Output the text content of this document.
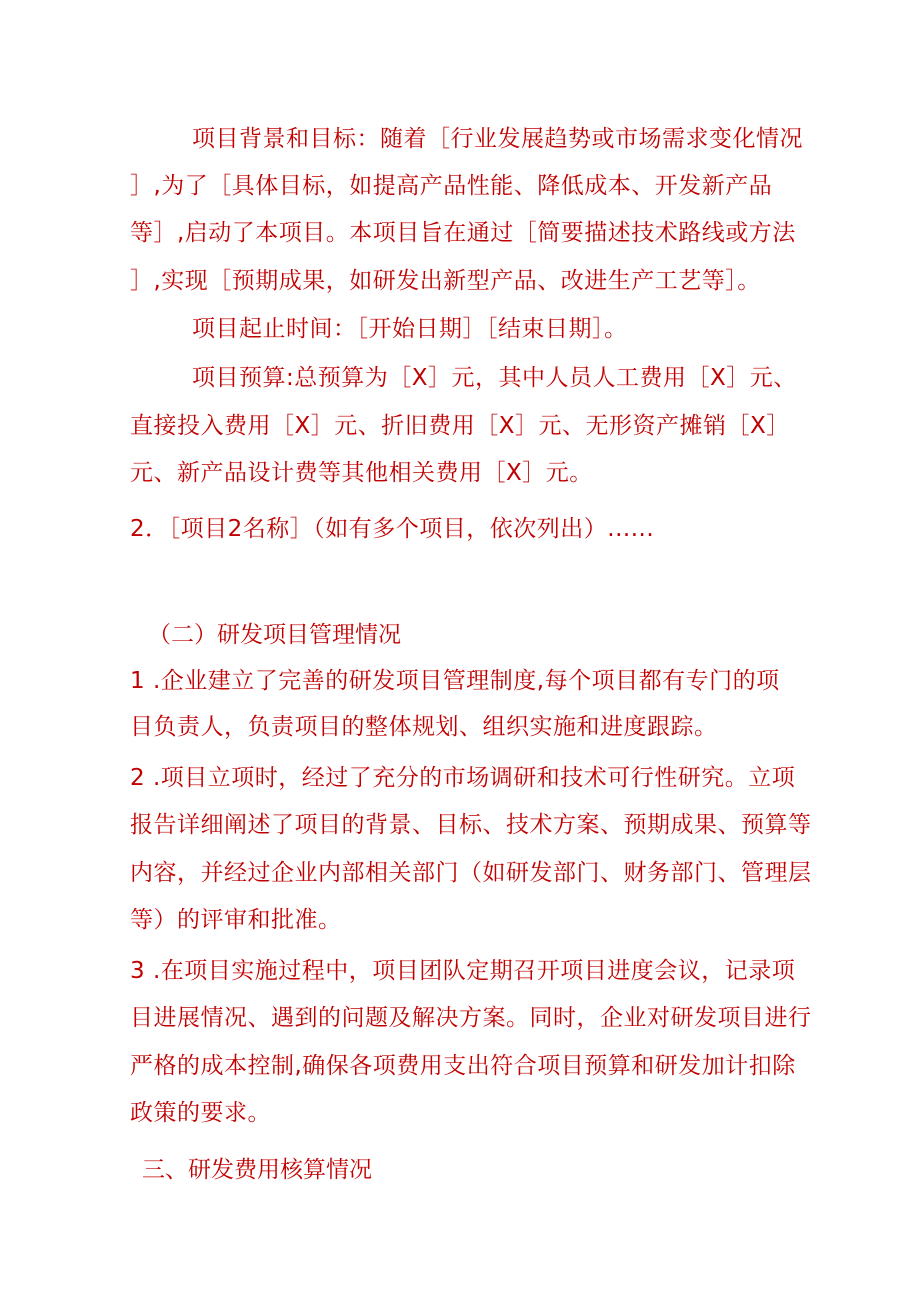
项目背景和目标：随着［行业发展趋势或市场需求变化情况
］,为了［具体目标，如提高产品性能、降低成本、开发新产品
等］,启动了本项目。本项目旨在通过［简要描述技术路线或方法
］,实现［预期成果，如研发出新型产品、改进生产工艺等］。
项目起止时间：［开始日期］［结束日期］。
项目预算:总预算为［X］元，其中人员人工费用［X］元、
直接投入费用［X］元、折旧费用［X］元、无形资产摊销［X］
元、新产品设计费等其他相关费用［X］元。
2．［项目2名称］（如有多个项目，依次列出）......
（二）研发项目管理情况
1 .企业建立了完善的研发项目管理制度,每个项目都有专门的项
目负责人，负责项目的整体规划、组织实施和进度跟踪。
2 .项目立项时，经过了充分的市场调研和技术可行性研究。立项
报告详细阐述了项目的背景、目标、技术方案、预期成果、预算等
内容，并经过企业内部相关部门（如研发部门、财务部门、管理层
等）的评审和批准。
3 .在项目实施过程中，项目团队定期召开项目进度会议，记录项
目进展情况、遇到的问题及解决方案。同时，企业对研发项目进行
严格的成本控制,确保各项费用支出符合项目预算和研发加计扣除
政策的要求。
三、研发费用核算情况
